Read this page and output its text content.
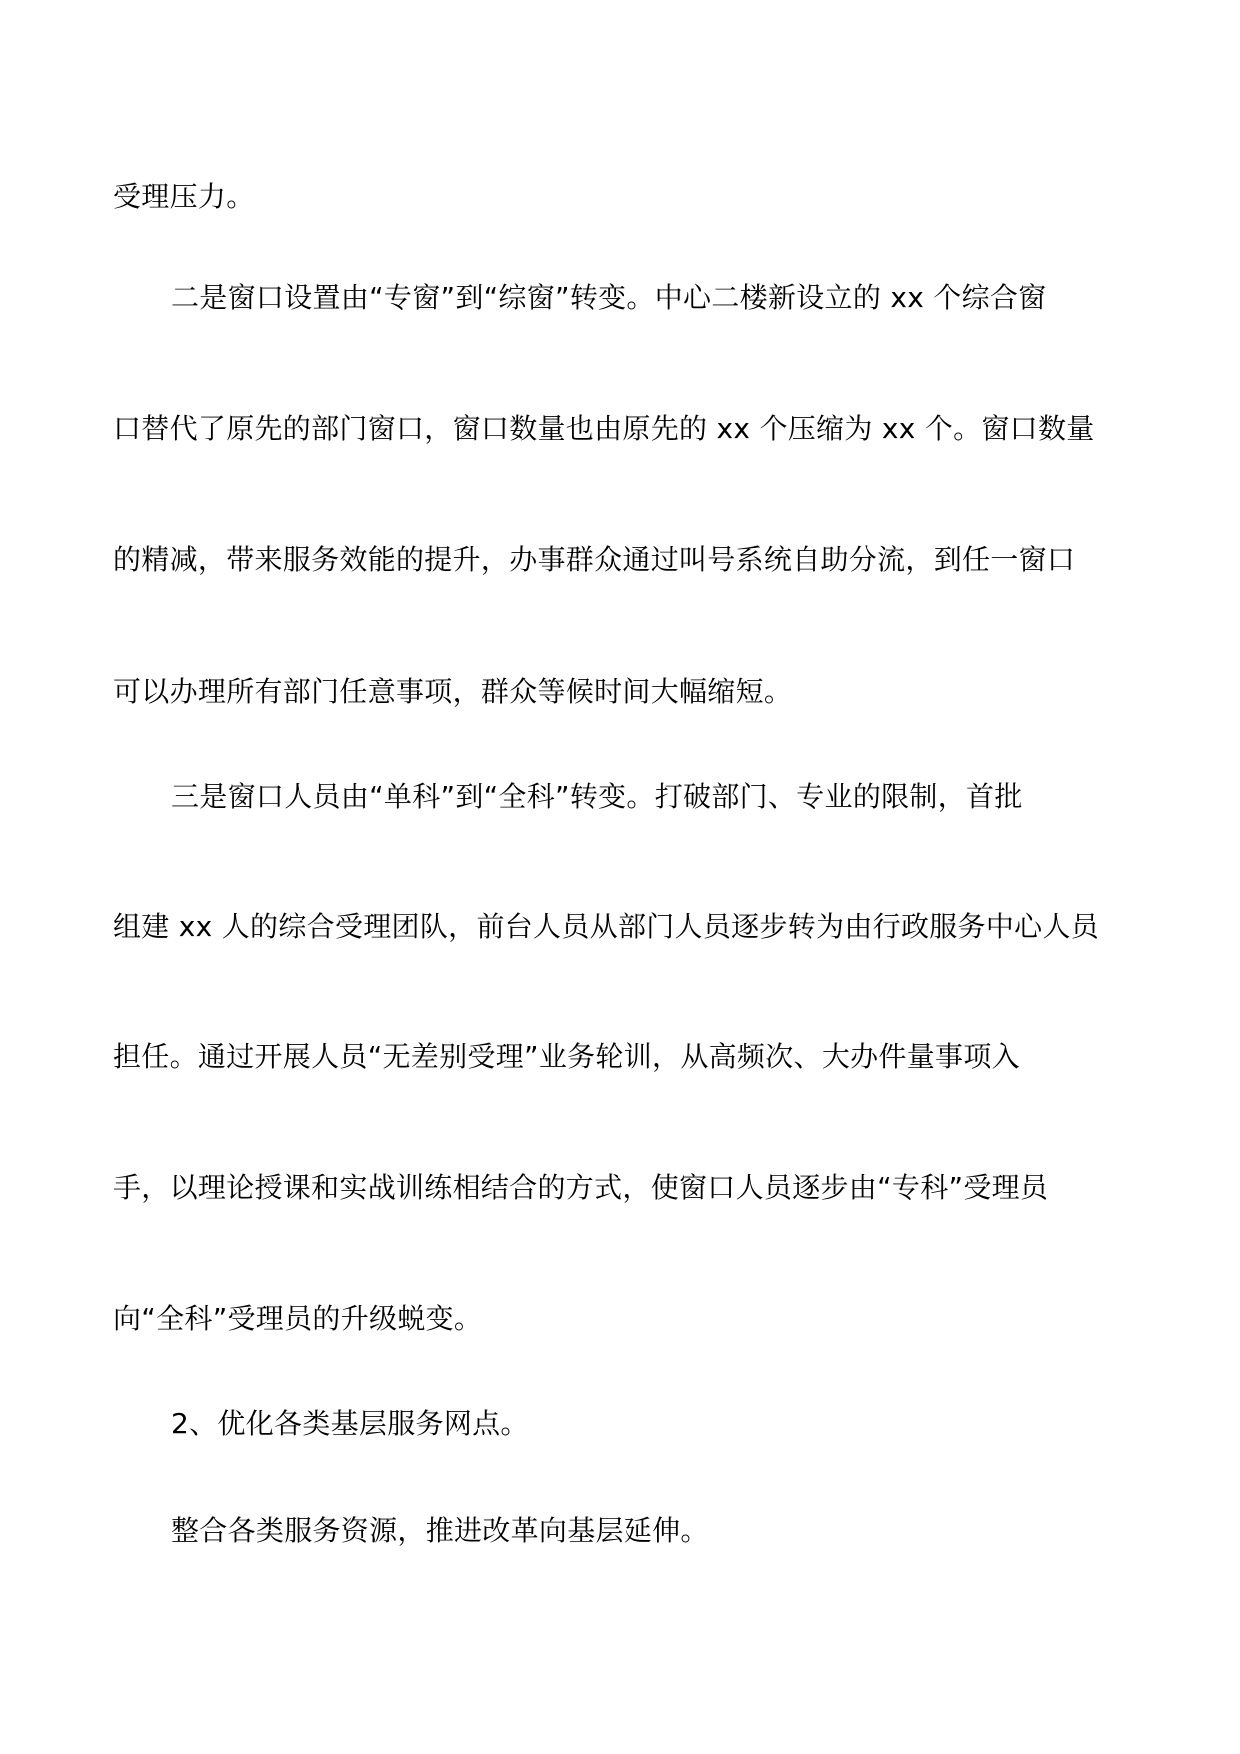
受理压力。

二是窗口设置由“专窗”到“综窗”转变。中心二楼新设立的 xx 个综合窗

口替代了原先的部门窗口，窗口数量也由原先的 xx 个压缩为 xx 个。窗口数量

的精减，带来服务效能的提升，办事群众通过叫号系统自助分流，到任一窗口

可以办理所有部门任意事项，群众等候时间大幅缩短。

三是窗口人员由“单科”到“全科”转变。打破部门、专业的限制，首批

组建 xx 人的综合受理团队，前台人员从部门人员逐步转为由行政服务中心人员

担任。通过开展人员“无差别受理”业务轮训，从高频次、大办件量事项入

手，以理论授课和实战训练相结合的方式，使窗口人员逐步由“专科”受理员

向“全科”受理员的升级蜕变。

2、优化各类基层服务网点。

整合各类服务资源，推进改革向基层延伸。
